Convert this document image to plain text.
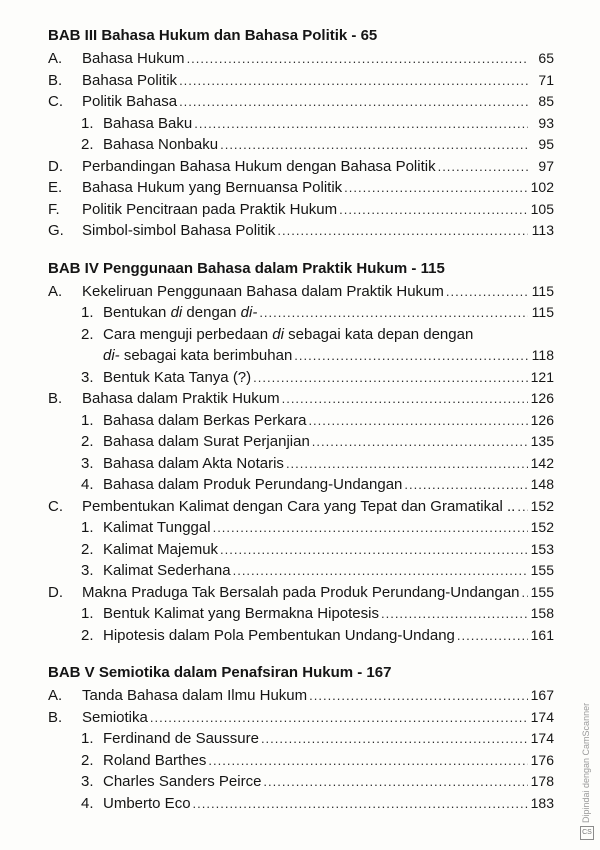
BAB III Bahasa Hukum dan Bahasa Politik - 65
A.	Bahasa Hukum .....	65
B.	Bahasa Politik .....	71
C.	Politik Bahasa .....	85
1. Bahasa Baku .....	93
2. Bahasa Nonbaku .....	95
D.	Perbandingan Bahasa Hukum dengan Bahasa Politik .....	97
E.	Bahasa Hukum yang Bernuansa Politik .....	102
F.	Politik Pencitraan pada Praktik Hukum .....	105
G.	Simbol-simbol Bahasa Politik .....	113
BAB IV Penggunaan Bahasa dalam Praktik Hukum - 115
A.	Kekeliruan Penggunaan Bahasa dalam Praktik Hukum .....	115
1. Bentukan di dengan di- .....	115
2. Cara menguji perbedaan di sebagai kata depan dengan
di- sebagai kata berimbuhan .....	118
3. Bentuk Kata Tanya (?) .....	121
B.	Bahasa dalam Praktik Hukum .....	126
1. Bahasa dalam Berkas Perkara .....	126
2. Bahasa dalam Surat Perjanjian .....	135
3. Bahasa dalam Akta Notaris .....	142
4. Bahasa dalam Produk Perundang-Undangan .....	148
C.	Pembentukan Kalimat dengan Cara yang Tepat dan Gramatikal .. ..... 152
1. Kalimat Tunggal .....	152
2. Kalimat Majemuk .....	153
3. Kalimat Sederhana .....	155
D.	Makna Praduga Tak Bersalah pada Produk Perundang-Undangan ..... 155
1. Bentuk Kalimat yang Bermakna Hipotesis .....	158
2. Hipotesis dalam Pola Pembentukan Undang-Undang .....	161
BAB V Semiotika dalam Penafsiran Hukum - 167
A.	Tanda Bahasa dalam Ilmu Hukum .....	167
B.	Semiotika .....	174
1. Ferdinand de Saussure .....	174
2. Roland Barthes .....	176
3. Charles Sanders Peirce .....	178
4. Umberto Eco .....	183	Dipindai dengan CamScanner
CS
